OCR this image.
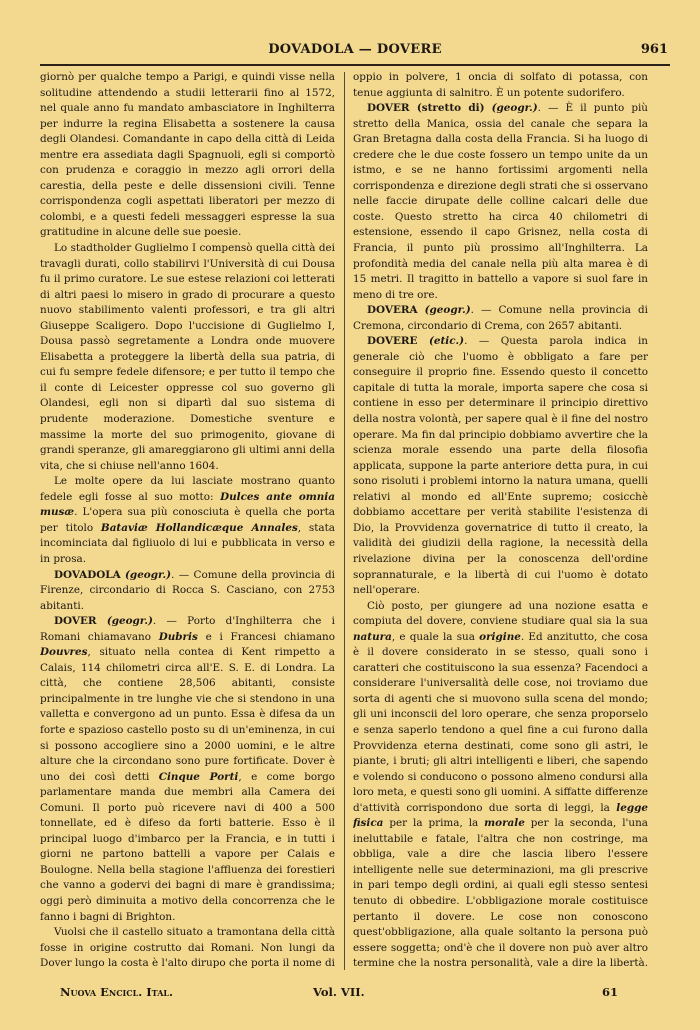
DOVADOLA — DOVERE	961

giornò per qualche tempo a Parigi, e quindi visse nella solitudine attendendo a studii letterarii fino al 1572, nel quale anno fu mandato ambasciatore in Inghilterra per indurre la regina Elisabetta a sostenere la causa degli Olandesi. Comandante in capo della città di Leida mentre era assediata dagli Spagnuoli, egli si comportò con prudenza e coraggio in mezzo agli orrori della carestia, della peste e delle dissensioni civili. Tenne corrispondenza cogli aspettati liberatori per mezzo di colombi, e a questi fedeli messaggeri espresse la sua gratitudine in alcune delle sue poesie.

Lo stadtholder Guglielmo I compensò quella città dei travagli durati, collo stabilirvi l'Università di cui Dousa fu il primo curatore. Le sue estese relazioni coi letterati di altri paesi lo misero in grado di procurare a questo nuovo stabilimento valenti professori, e tra gli altri Giuseppe Scaligero. Dopo l'uccisione di Guglielmo I, Dousa passò segretamente a Londra onde muovere Elisabetta a proteggere la libertà della sua patria, di cui fu sempre fedele difensore; e per tutto il tempo che il conte di Leicester oppresse col suo governo gli Olandesi, egli non si dipartì dal suo sistema di prudente moderazione. Domestiche sventure e massime la morte del suo primogenito, giovane di grandi speranze, gli amareggiarono gli ultimi anni della vita, che si chiuse nell'anno 1604.

Le molte opere da lui lasciate mostrano quanto fedele egli fosse al suo motto: Dulces ante omnia musæ. L'opera sua più conosciuta è quella che porta per titolo Bataviæ Hollandicæque Annales, stata incominciata dal figliuolo di lui e pubblicata in verso e in prosa.

DOVADOLA (geogr.). — Comune della provincia di Firenze, circondario di Rocca S. Casciano, con 2753 abitanti.

DOVER (geogr.). — Porto d'Inghilterra che i Romani chiamavano Dubris e i Francesi chiamano Douvres, situato nella contea di Kent rimpetto a Calais, 114 chilometri circa all'E. S. E. di Londra. La città, che contiene 28,506 abitanti, consiste principalmente in tre lunghe vie che si stendono in una valletta e convergono ad un punto. Essa è difesa da un forte e spazioso castello posto su di un'eminenza, in cui si possono accogliere sino a 2000 uomini, e le altre alture che la circondano sono pure fortificate. Dover è uno dei così detti Cinque Porti, e come borgo parlamentare manda due membri alla Camera dei Comuni. Il porto può ricevere navi di 400 a 500 tonnellate, ed è difeso da forti batterie. Esso è il principal luogo d'imbarco per la Francia, e in tutti i giorni ne partono battelli a vapore per Calais e Boulogne. Nella bella stagione l'affluenza dei forestieri che vanno a godervi dei bagni di mare è grandissima; oggi però diminuita a motivo della concorrenza che le fanno i bagni di Brighton.

Vuolsi che il castello situato a tramontana della città fosse in origine costrutto dai Romani. Non lungi da Dover lungo la costa è l'alto dirupo che porta il nome di

oppio in polvere, 1 oncia di solfato di potassa, con tenue aggiunta di salnitro. È un potente sudorifero.

DOVER (stretto di) (geogr.). — È il punto più stretto della Manica, ossia del canale che separa la Gran Bretagna dalla costa della Francia. Si ha luogo di credere che le due coste fossero un tempo unite da un istmo, e se ne hanno fortissimi argomenti nella corrispondenza e direzione degli strati che si osservano nelle faccie dirupate delle colline calcari delle due coste. Questo stretto ha circa 40 chilometri di estensione, essendo il capo Grisnez, nella costa di Francia, il punto più prossimo all'Inghilterra. La profondità media del canale nella più alta marea è di 15 metri. Il tragitto in battello a vapore si suol fare in meno di tre ore.

DOVERA (geogr.). — Comune nella provincia di Cremona, circondario di Crema, con 2657 abitanti.

DOVERE (etic.). — Questa parola indica in generale ciò che l'uomo è obbligato a fare per conseguire il proprio fine. Essendo questo il concetto capitale di tutta la morale, importa sapere che cosa si contiene in esso per determinare il principio direttivo della nostra volontà, per sapere qual è il fine del nostro operare. Ma fin dal principio dobbiamo avvertire che la scienza morale essendo una parte della filosofia applicata, suppone la parte anteriore detta pura, in cui sono risoluti i problemi intorno la natura umana, quelli relativi al mondo ed all'Ente supremo; cosicchè dobbiamo accettare per verità stabilite l'esistenza di Dio, la Provvidenza governatrice di tutto il creato, la validità dei giudizii della ragione, la necessità della rivelazione divina per la conoscenza dell'ordine soprannaturale, e la libertà di cui l'uomo è dotato nell'operare.

Ciò posto, per giungere ad una nozione esatta e compiuta del dovere, conviene studiare qual sia la sua natura, e quale la sua origine. Ed anzitutto, che cosa è il dovere considerato in se stesso, quali sono i caratteri che costituiscono la sua essenza? Facendoci a considerare l'universalità delle cose, noi troviamo due sorta di agenti che si muovono sulla scena del mondo; gli uni inconscii del loro operare, che senza proporselo e senza saperlo tendono a quel fine a cui furono dalla Provvidenza eterna destinati, come sono gli astri, le piante, i bruti; gli altri intelligenti e liberi, che sapendo e volendo si conducono o possono almeno condursi alla loro meta, e questi sono gli uomini. A siffatte differenze d'attività corrispondono due sorta di leggi, la legge fisica per la prima, la morale per la seconda, l'una ineluttabile e fatale, l'altra che non costringe, ma obbliga, vale a dire che lascia libero l'essere intelligente nelle sue determinazioni, ma gli prescrive in pari tempo degli ordini, ai quali egli stesso sentesi tenuto di obbedire. L'obbligazione morale costituisce pertanto il dovere. Le cose non conoscono quest'obbligazione, alla quale soltanto la persona può essere soggetta; ond'è che il dovere non può aver altro termine che la nostra personalità, vale a dire la libertà.

Nuova Encicl. Ital.	Vol. VII.	61
